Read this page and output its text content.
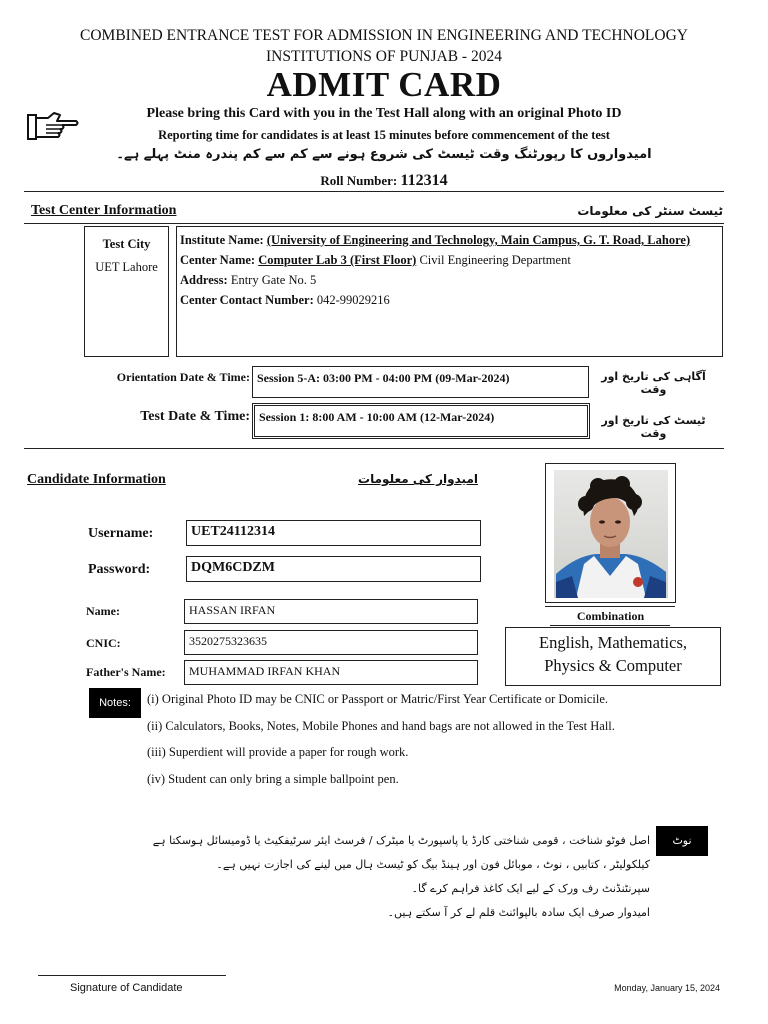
COMBINED ENTRANCE TEST FOR ADMISSION IN ENGINEERING AND TECHNOLOGY
INSTITUTIONS OF PUNJAB - 2024
ADMIT CARD
Please bring this Card with you in the Test Hall along with an original Photo ID
Reporting time for candidates is at least 15 minutes before commencement of the test
امیدواروں کا رپورٹنگ وقت ٹیسٹ کی شروع ہونے سے کم سے کم پندرہ منٹ پہلے ہے۔
Roll Number: 112314
Test Center Information	ٹیسٹ سنٹر کی معلومات
Test City
UET Lahore
Institute Name: (University of Engineering and Technology, Main Campus, G. T. Road, Lahore)
Center Name: Computer Lab 3 (First Floor) Civil Engineering Department
Address: Entry Gate No. 5
Center Contact Number: 042-99029216
Orientation Date & Time: Session 5-A: 03:00 PM - 04:00 PM (09-Mar-2024)	آگاہی کی تاریخ اور وقت
Test Date & Time: Session 1: 8:00 AM - 10:00 AM (12-Mar-2024)	ٹیسٹ کی تاریخ اور وقت
Candidate Information	امیدوار کی معلومات
Username:	UET24112314
Password:	DQM6CDZM
Name:	HASSAN IRFAN
CNIC:	3520275323635
Father's Name:	MUHAMMAD IRFAN KHAN
Combination
English, Mathematics, Physics & Computer
Notes:	(i) Original Photo ID may be CNIC or Passport or Matric/First Year Certificate or Domicile.
(ii) Calculators, Books, Notes, Mobile Phones and hand bags are not allowed in the Test Hall.
(iii) Superdient will provide a paper for rough work.
(iv) Student can only bring a simple ballpoint pen.
نوٹ
اصل فوٹو شناخت ، قومی شناختی کارڈ یا پاسپورٹ یا میٹرک / فرسٹ ایئر سرٹیفکیٹ یا ڈومیسائل ہوسکتا ہے
کیلکولیٹر ، کتابیں ، نوٹ ، موبائل فون اور ہینڈ بیگ کو ٹیسٹ ہال میں لینے کی اجازت نہیں ہے۔
سپرنٹنڈنٹ رف ورک کے لیے ایک کاغذ فراہم کرے گا۔
امیدوار صرف ایک سادہ بالپوائنٹ قلم لے کر آ سکتے ہیں۔
Signature of Candidate	Monday, January 15, 2024
